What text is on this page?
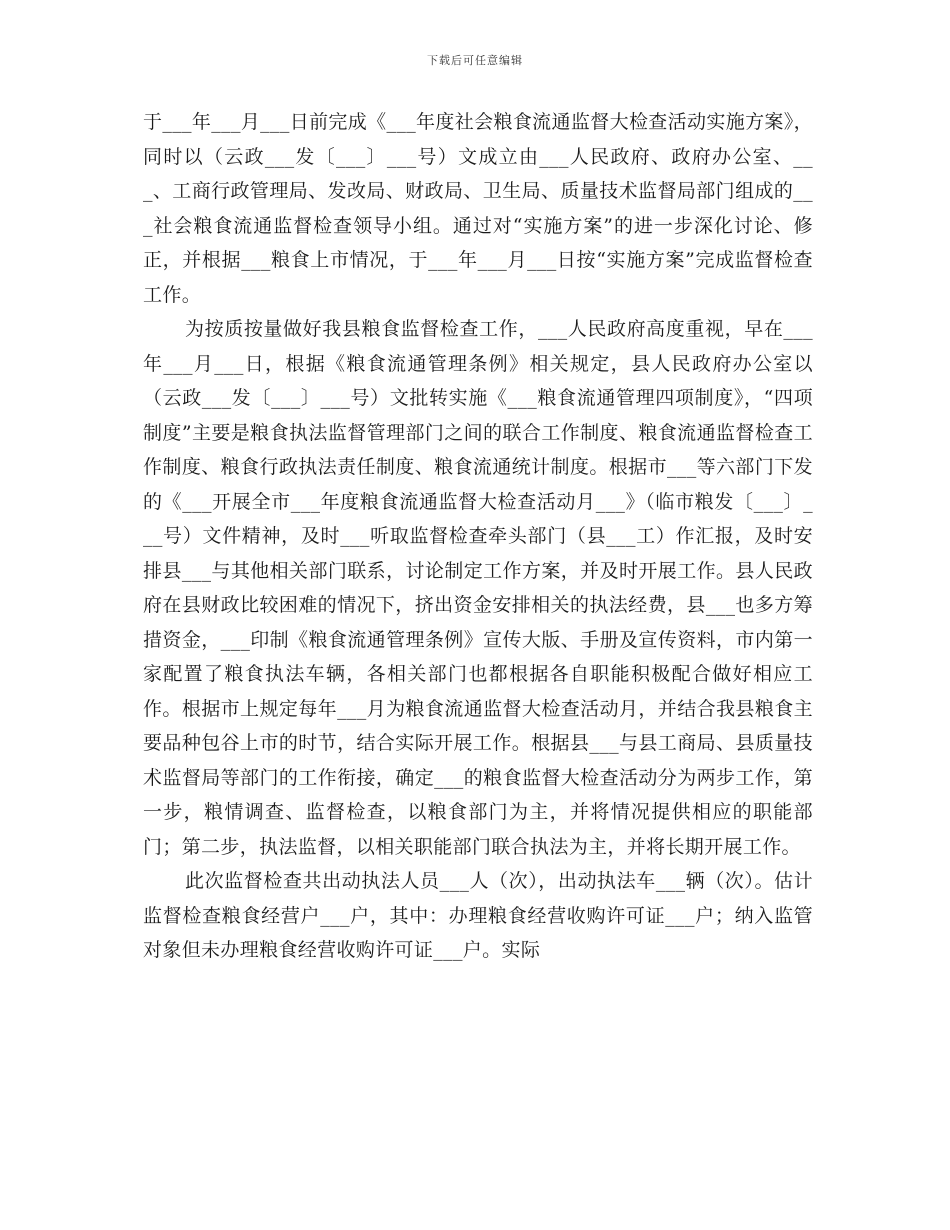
下载后可任意编辑

于___年___月___日前完成《___年度社会粮食流通监督大检查活动实施方案》，同时以（云政___发〔___〕___号）文成立由___人民政府、政府办公室、___、工商行政管理局、发改局、财政局、卫生局、质量技术监督局部门组成的___社会粮食流通监督检查领导小组。通过对“实施方案”的进一步深化讨论、修正，并根据___粮食上市情况，于___年___月___日按“实施方案”完成监督检查工作。

为按质按量做好我县粮食监督检查工作，___人民政府高度重视，早在___年___月___日，根据《粮食流通管理条例》相关规定，县人民政府办公室以（云政___发〔___〕___号）文批转实施《___粮食流通管理四项制度》，“四项制度”主要是粮食执法监督管理部门之间的联合工作制度、粮食流通监督检查工作制度、粮食行政执法责任制度、粮食流通统计制度。根据市___等六部门下发的《___开展全市___年度粮食流通监督大检查活动月___》（临市粮发〔___〕___号）文件精神，及时___听取监督检查牵头部门（县___工）作汇报，及时安排县___与其他相关部门联系，讨论制定工作方案，并及时开展工作。县人民政府在县财政比较困难的情况下，挤出资金安排相关的执法经费，县___也多方筹措资金，___印制《粮食流通管理条例》宣传大版、手册及宣传资料，市内第一家配置了粮食执法车辆，各相关部门也都根据各自职能积极配合做好相应工作。根据市上规定每年___月为粮食流通监督大检查活动月，并结合我县粮食主要品种包谷上市的时节，结合实际开展工作。根据县___与县工商局、县质量技术监督局等部门的工作衔接，确定___的粮食监督大检查活动分为两步工作，第一步，粮情调查、监督检查，以粮食部门为主，并将情况提供相应的职能部门；第二步，执法监督，以相关职能部门联合执法为主，并将长期开展工作。

此次监督检查共出动执法人员___人（次），出动执法车___辆（次）。估计监督检查粮食经营户___户，其中：办理粮食经营收购许可证___户；纳入监管对象但未办理粮食经营收购许可证___户。实际
